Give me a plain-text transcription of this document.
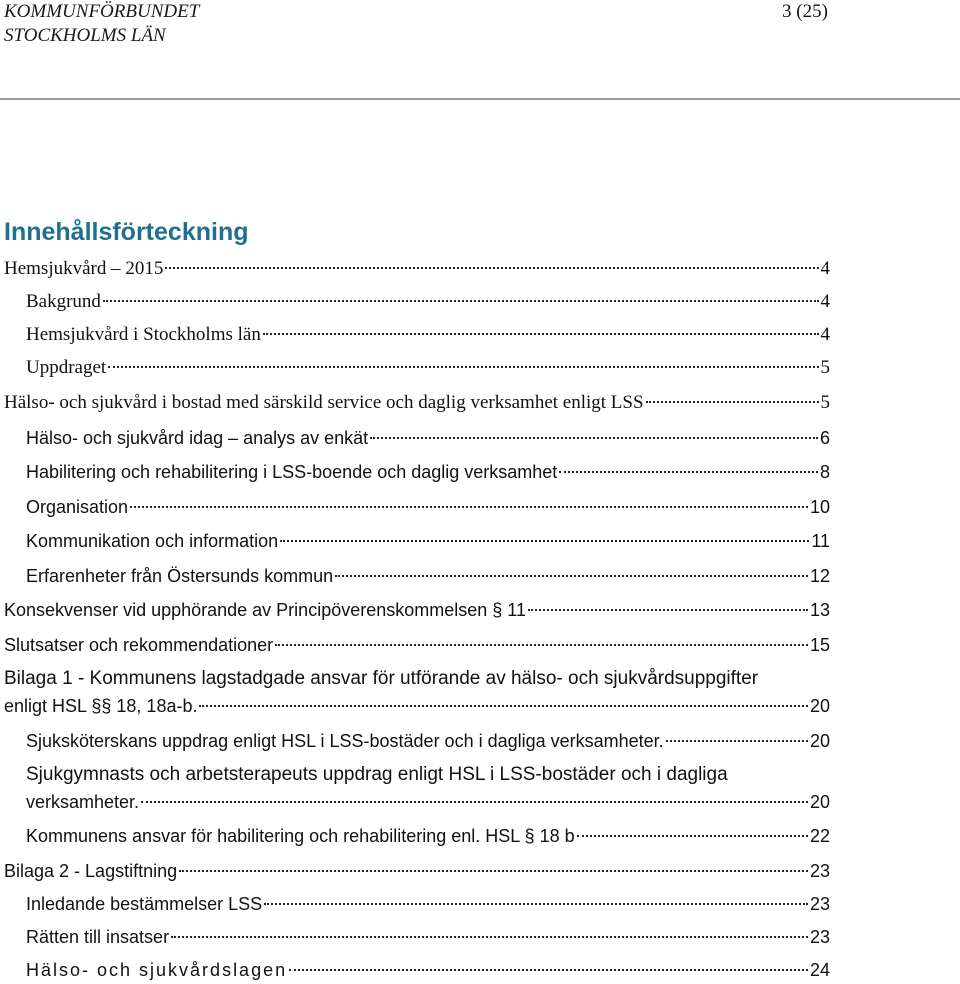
KOMMUNFÖRBUNDET
STOCKHOLMS LÄN
3 (25)
Innehållsförteckning
Hemsjukvård – 2015	4
Bakgrund	4
Hemsjukvård i Stockholms län	4
Uppdraget	5
Hälso- och sjukvård i bostad med särskild service och daglig verksamhet enligt LSS	5
Hälso- och sjukvård idag – analys av enkät	6
Habilitering och rehabilitering i LSS-boende och daglig verksamhet	8
Organisation	10
Kommunikation och information	11
Erfarenheter från Östersunds kommun	12
Konsekvenser vid upphörande av Principöverenskommelsen § 11	13
Slutsatser och rekommendationer	15
Bilaga 1 - Kommunens lagstadgade ansvar för utförande av hälso- och sjukvårdsuppgifter
enligt HSL §§ 18, 18a-b.	20
Sjuksköterskans uppdrag enligt HSL i LSS-bostäder och i dagliga verksamheter.	20
Sjukgymnasts och arbetsterapeuts uppdrag enligt HSL i LSS-bostäder och i dagliga
verksamheter.	20
Kommunens ansvar för habilitering och rehabilitering enl. HSL § 18 b	22
Bilaga 2 - Lagstiftning	23
Inledande bestämmelser LSS	23
Rätten till insatser	23
Hälso- och sjukvårdslagen	24
